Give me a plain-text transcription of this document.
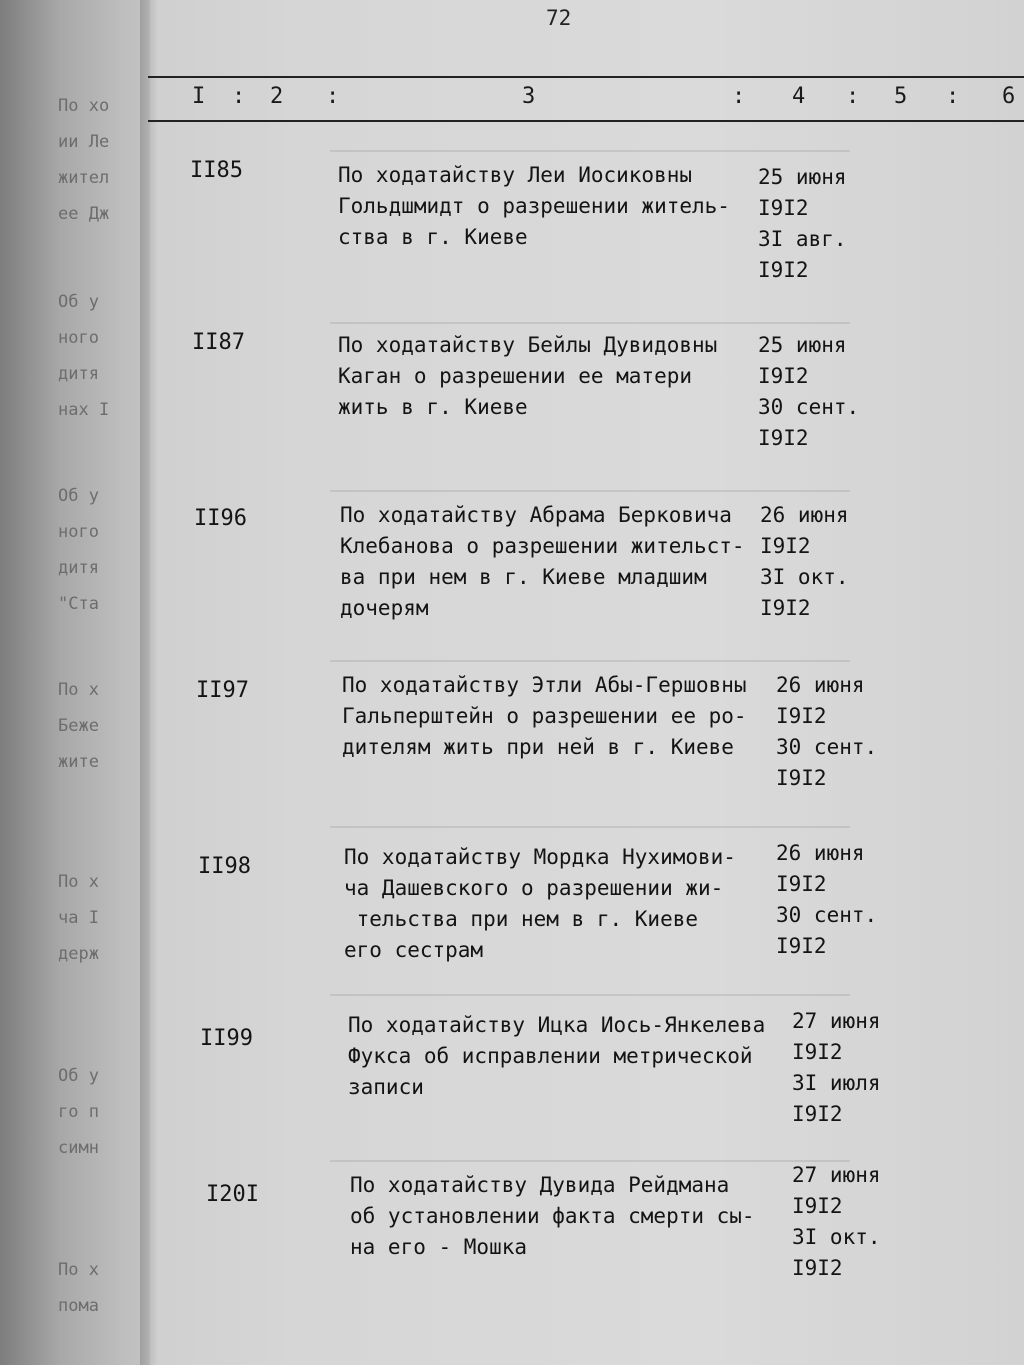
По хо
ии Ле
жител
ее Дж
Об у
ного
дитя
нах I
Об у
ного
дитя
"Ста
По х
Беже
жите
По х
ча I
держ
Об у
го п
симн
По х
пома
72
I : 2 :	3	: 4 : 5 : 6
II85	По ходатайству Леи Иосиковны
Гольдшмидт о разрешении житель-
ства в г. Киеве
25 июня
I9I2
3I авг.
I9I2
II87	По ходатайству Бейлы Дувидовны
Каган о разрешении ее матери
жить в г. Киеве
25 июня
I9I2
30 сент.
I9I2
II96	По ходатайству Абрама Берковича
Клебанова о разрешении жительст-
ва при нем в г. Киеве младшим
дочерям
26 июня
I9I2
3I окт.
I9I2
II97	По ходатайству Этли Абы-Гершовны
Гальперштейн о разрешении ее ро-
дителям жить при ней в г. Киеве
26 июня
I9I2
30 сент.
I9I2
II98	По ходатайству Мордка Нухимови-
ча Дашевского о разрешении жи-
тельства при нем в г. Киеве
его сестрам
26 июня
I9I2
30 сент.
I9I2
II99
По ходатайству Ицка Иось-Янкелева
Фукса об исправлении метрической
записи
27 июня
I9I2
3I июля
I9I2
I20I	По ходатайству Дувида Рейдмана
об установлении факта смерти сы-
на его - Мошка
27 июня
I9I2
3I окт.
I9I2
